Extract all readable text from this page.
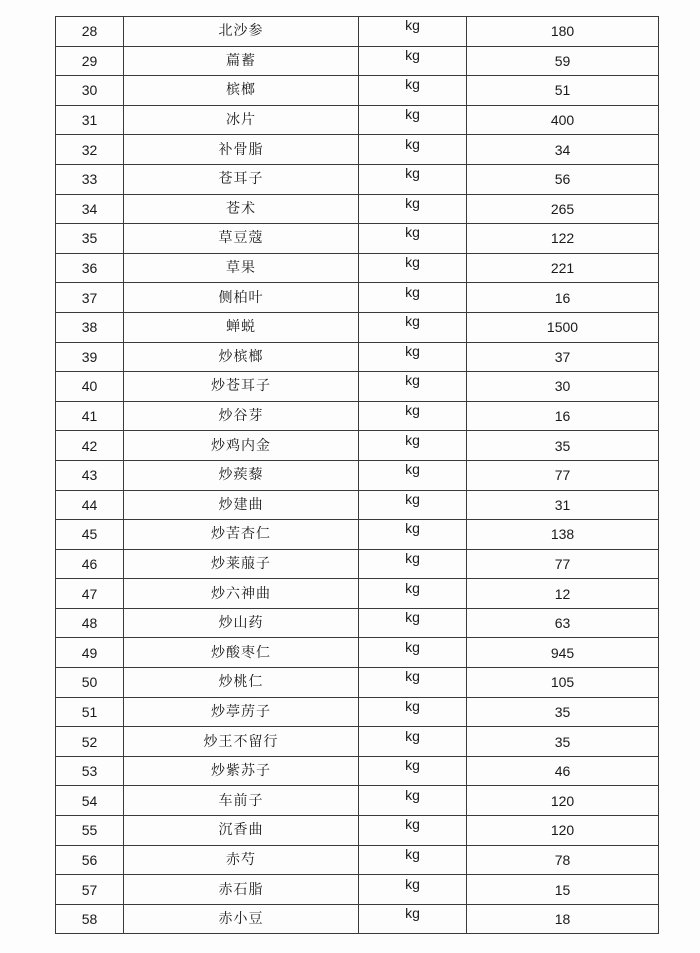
28	北沙参	kg	180
29	萹蓄	kg	59
30	槟榔	kg	51
31	冰片	kg	400
32	补骨脂	kg	34
33	苍耳子	kg	56
34	苍术	kg	265
35	草豆蔻	kg	122
36	草果	kg	221
37	侧柏叶	kg	16
38	蝉蜕	kg	1500
39	炒槟榔	kg	37
40	炒苍耳子	kg	30
41	炒谷芽	kg	16
42	炒鸡内金	kg	35
43	炒蒺藜	kg	77
44	炒建曲	kg	31
45	炒苦杏仁	kg	138
46	炒莱菔子	kg	77
47	炒六神曲	kg	12
48	炒山药	kg	63
49	炒酸枣仁	kg	945
50	炒桃仁	kg	105
51	炒葶苈子	kg	35
52	炒王不留行	kg	35
53	炒紫苏子	kg	46
54	车前子	kg	120
55	沉香曲	kg	120
56	赤芍	kg	78
57	赤石脂	kg	15
58	赤小豆	kg	18
